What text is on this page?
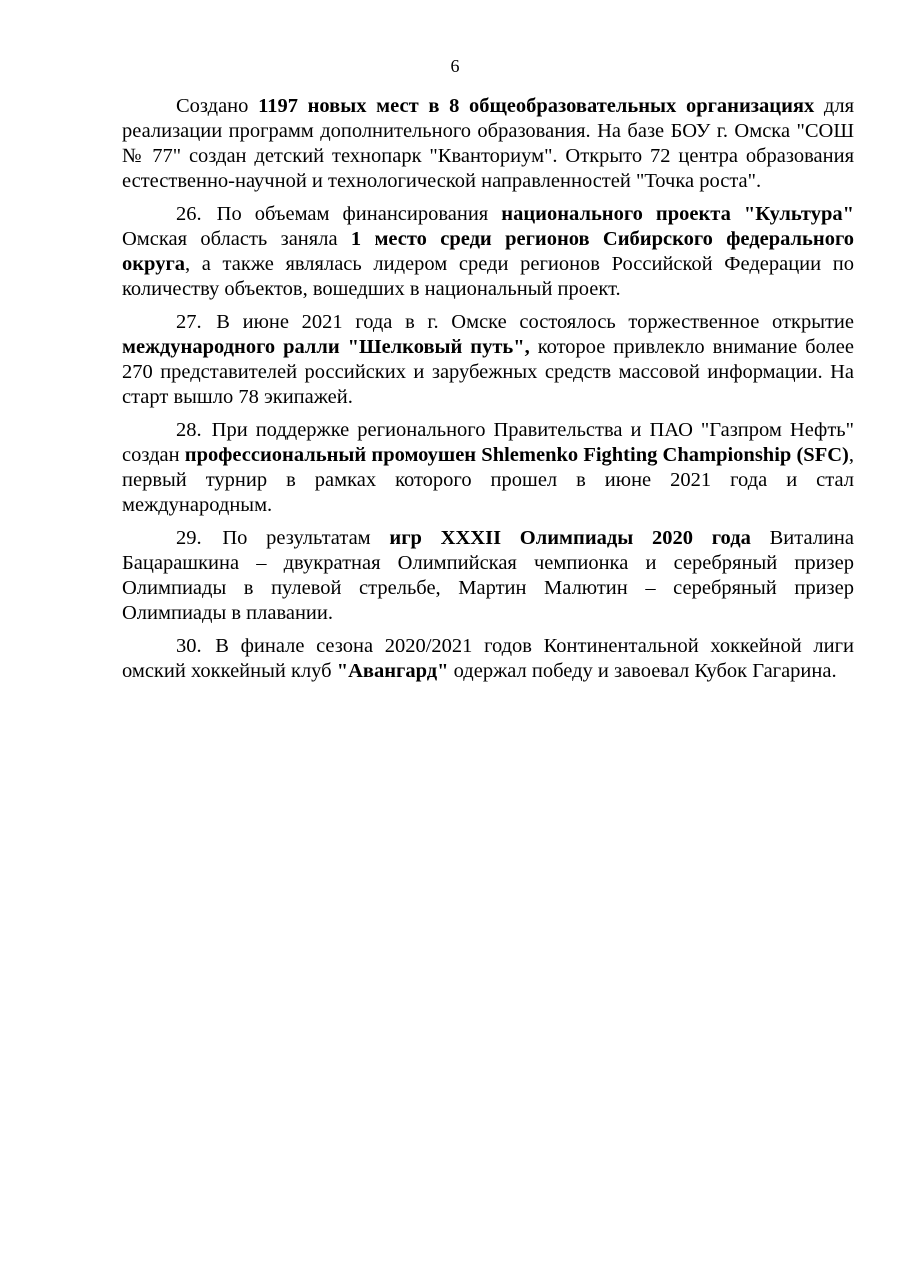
6

Создано 1197 новых мест в 8 общеобразовательных организациях для реализации программ дополнительного образования. На базе БОУ г. Омска "СОШ № 77" создан детский технопарк "Кванториум". Открыто 72 центра образования естественно-научной и технологической направленностей "Точка роста".

26. По объемам финансирования национального проекта "Культура" Омская область заняла 1 место среди регионов Сибирского федерального округа, а также являлась лидером среди регионов Российской Федерации по количеству объектов, вошедших в национальный проект.

27. В июне 2021 года в г. Омске состоялось торжественное открытие международного ралли "Шелковый путь", которое привлекло внимание более 270 представителей российских и зарубежных средств массовой информации. На старт вышло 78 экипажей.

28. При поддержке регионального Правительства и ПАО "Газпром Нефть" создан профессиональный промоушен Shlemenko Fighting Championship (SFC), первый турнир в рамках которого прошел в июне 2021 года и стал международным.

29. По результатам игр XXXII Олимпиады 2020 года Виталина Бацарашкина – двукратная Олимпийская чемпионка и серебряный призер Олимпиады в пулевой стрельбе, Мартин Малютин – серебряный призер Олимпиады в плавании.

30. В финале сезона 2020/2021 годов Континентальной хоккейной лиги омский хоккейный клуб "Авангард" одержал победу и завоевал Кубок Гагарина.
